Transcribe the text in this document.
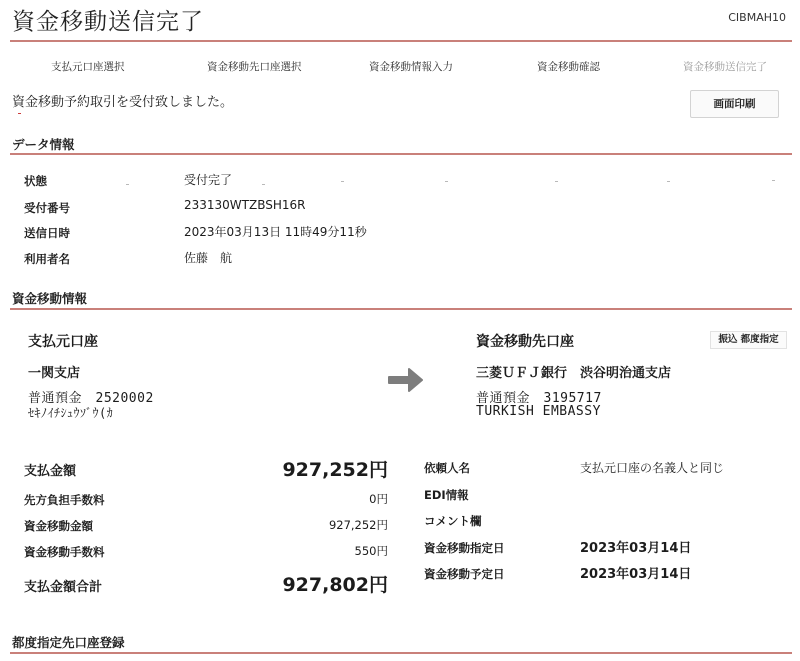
資金移動送信完了	CIBMAH10
支払元口座選択	資金移動先口座選択	資金移動情報入力	資金移動確認	資金移動送信完了
資金移動予約取引を受付致しました。	画面印刷
データ情報
状態	受付完了
受付番号	233130WTZBSH16R
送信日時	2023年03月13日 11時49分11秒
利用者名	佐藤　航
資金移動情報
支払元口座
一関支店
普通預金　2520002
ｾｷﾉｲﾁｼｭｳｿﾞｳ(ｶ
資金移動先口座	振込 都度指定
三菱ＵＦＪ銀行　渋谷明治通支店
普通預金　3195717
TURKISH EMBASSY
支払金額	927,252円
先方負担手数料	0円
資金移動金額	927,252円
資金移動手数料	550円
支払金額合計	927,802円
依頼人名	支払元口座の名義人と同じ
EDI情報
コメント欄
資金移動指定日	2023年03月14日
資金移動予定日	2023年03月14日
都度指定先口座登録
